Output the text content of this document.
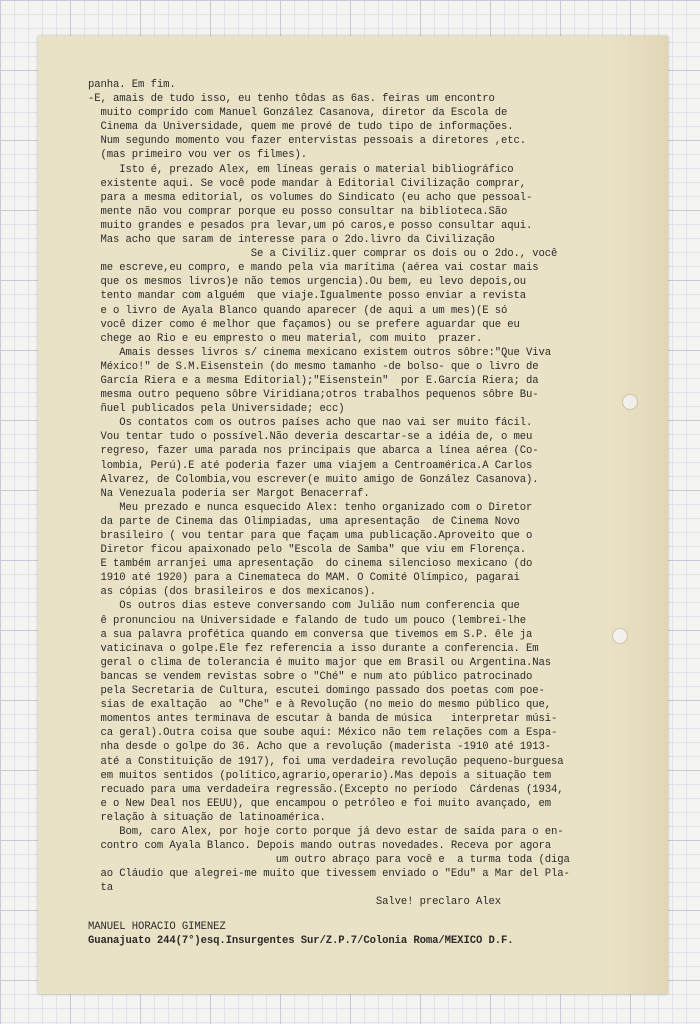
panha. Em fim.
-E, amais de tudo isso, eu tenho tôdas as 6as. feiras um encontro
muito comprido com Manuel González Casanova, diretor da Escola de
Cinema da Universidade, quem me prové de tudo tipo de informações.
Num segundo momento vou fazer entervistas pessoais a diretores ,etc.
(mas primeiro vou ver os filmes).
Isto é, prezado Alex, em líneas gerais o material bibliográfico
existente aqui. Se você pode mandar à Editorial Civilização comprar,
para a mesma editorial, os volumes do Sindicato (eu acho que pessoal-
mente não vou comprar porque eu posso consultar na biblioteca.São
muito grandes e pesados pra levar,um pó caros,e posso consultar aqui.
Mas acho que saram de interesse para o 2do.livro da Civilização
Se a Civiliz.quer comprar os dois ou o 2do., você
me escreve,eu compro, e mando pela via marítima (aérea vai costar mais
que os mesmos livros)e não temos urgencia).Ou bem, eu levo depois,ou
tento mandar com alguém  que viaje.Igualmente posso enviar a revista
e o livro de Ayala Blanco quando aparecer (de aqui a um mes)(E só
você dizer como é melhor que façamos) ou se prefere aguardar que eu
chege ao Rio e eu empresto o meu material, com muito  prazer.
Amais desses livros s/ cinema mexicano existem outros sôbre:"Que Viva
México!" de S.M.Eisenstein (do mesmo tamanho -de bolso- que o livro de
García Riera e a mesma Editorial);"Eisenstein"  por E.García Riera; da
mesma outro pequeno sôbre Viridiana;otros trabalhos pequenos sôbre Bu-
ñuel publicados pela Universidade; ecc)
Os contatos com os outros países acho que nao vai ser muito fácil.
Vou tentar tudo o possível.Não deveria descartar-se a idéia de, o meu
regreso, fazer uma parada nos principais que abarca a línea aérea (Co-
lombia, Perú).E até poderia fazer uma viajem a Centroamérica.A Carlos
Alvarez, de Colombia,vou escrever(e muito amigo de González Casanova).
Na Venezuala poderia ser Margot Benacerraf.
Meu prezado e nunca esquecido Alex: tenho organizado com o Diretor
da parte de Cinema das Olimpiadas, uma apresentação  de Cinema Novo
brasileiro ( vou tentar para que façam uma publicação.Aproveito que o
Diretor ficou apaixonado pelo "Escola de Samba" que viu em Florença.
E também arranjei uma apresentação  do cinema silencioso mexicano (do
1910 até 1920) para a Cinemateca do MAM. O Comité Olímpico, pagarai
as cópias (dos brasileiros e dos mexicanos).
Os outros dias esteve conversando com Julião num conferencia que
ê pronunciou na Universidade e falando de tudo um pouco (lembrei-lhe
a sua palavra profética quando em conversa que tivemos em S.P. êle ja
vaticinava o golpe.Ele fez referencia a isso durante a conferencia. Em
geral o clima de tolerancia é muito major que em Brasil ou Argentina.Nas
bancas se vendem revistas sobre o "Ché" e num ato público patrocinado
pela Secretaria de Cultura, escutei domingo passado dos poetas com poe-
sias de exaltação  ao "Che" e à Revolução (no meio do mesmo público que,
momentos antes terminava de escutar à banda de música   interpretar músi-
ca geral).Outra coisa que soube aqui: México não tem relações com a Espa-
nha desde o golpe do 36. Acho que a revolução (maderista -1910 até 1913-
até a Constituição de 1917), foi uma verdadeira revolução pequeno-burguesa
em muitos sentidos (político,agrario,operario).Mas depois a situação tem
recuado para uma verdadeira regressão.(Excepto no período  Cárdenas (1934,
e o New Deal nos EEUU), que encampou o petróleo e foi muito avançado, em
relação à situação de latinoamérica.
Bom, caro Alex, por hoje corto porque já devo estar de saída para o en-
contro com Ayala Blanco. Depois mando outras novedades. Receva por agora
um outro abraço para você e  a turma toda (diga
ao Cláudio que alegrei-me muito que tivessem enviado o "Edu" a Mar del Pla-
ta
Salve! preclaro Alex
MANUEL HORACIO GIMENEZ
Guanajuato 244(7°)esq.Insurgentes Sur/Z.P.7/Colonia Roma/MEXICO D.F.
